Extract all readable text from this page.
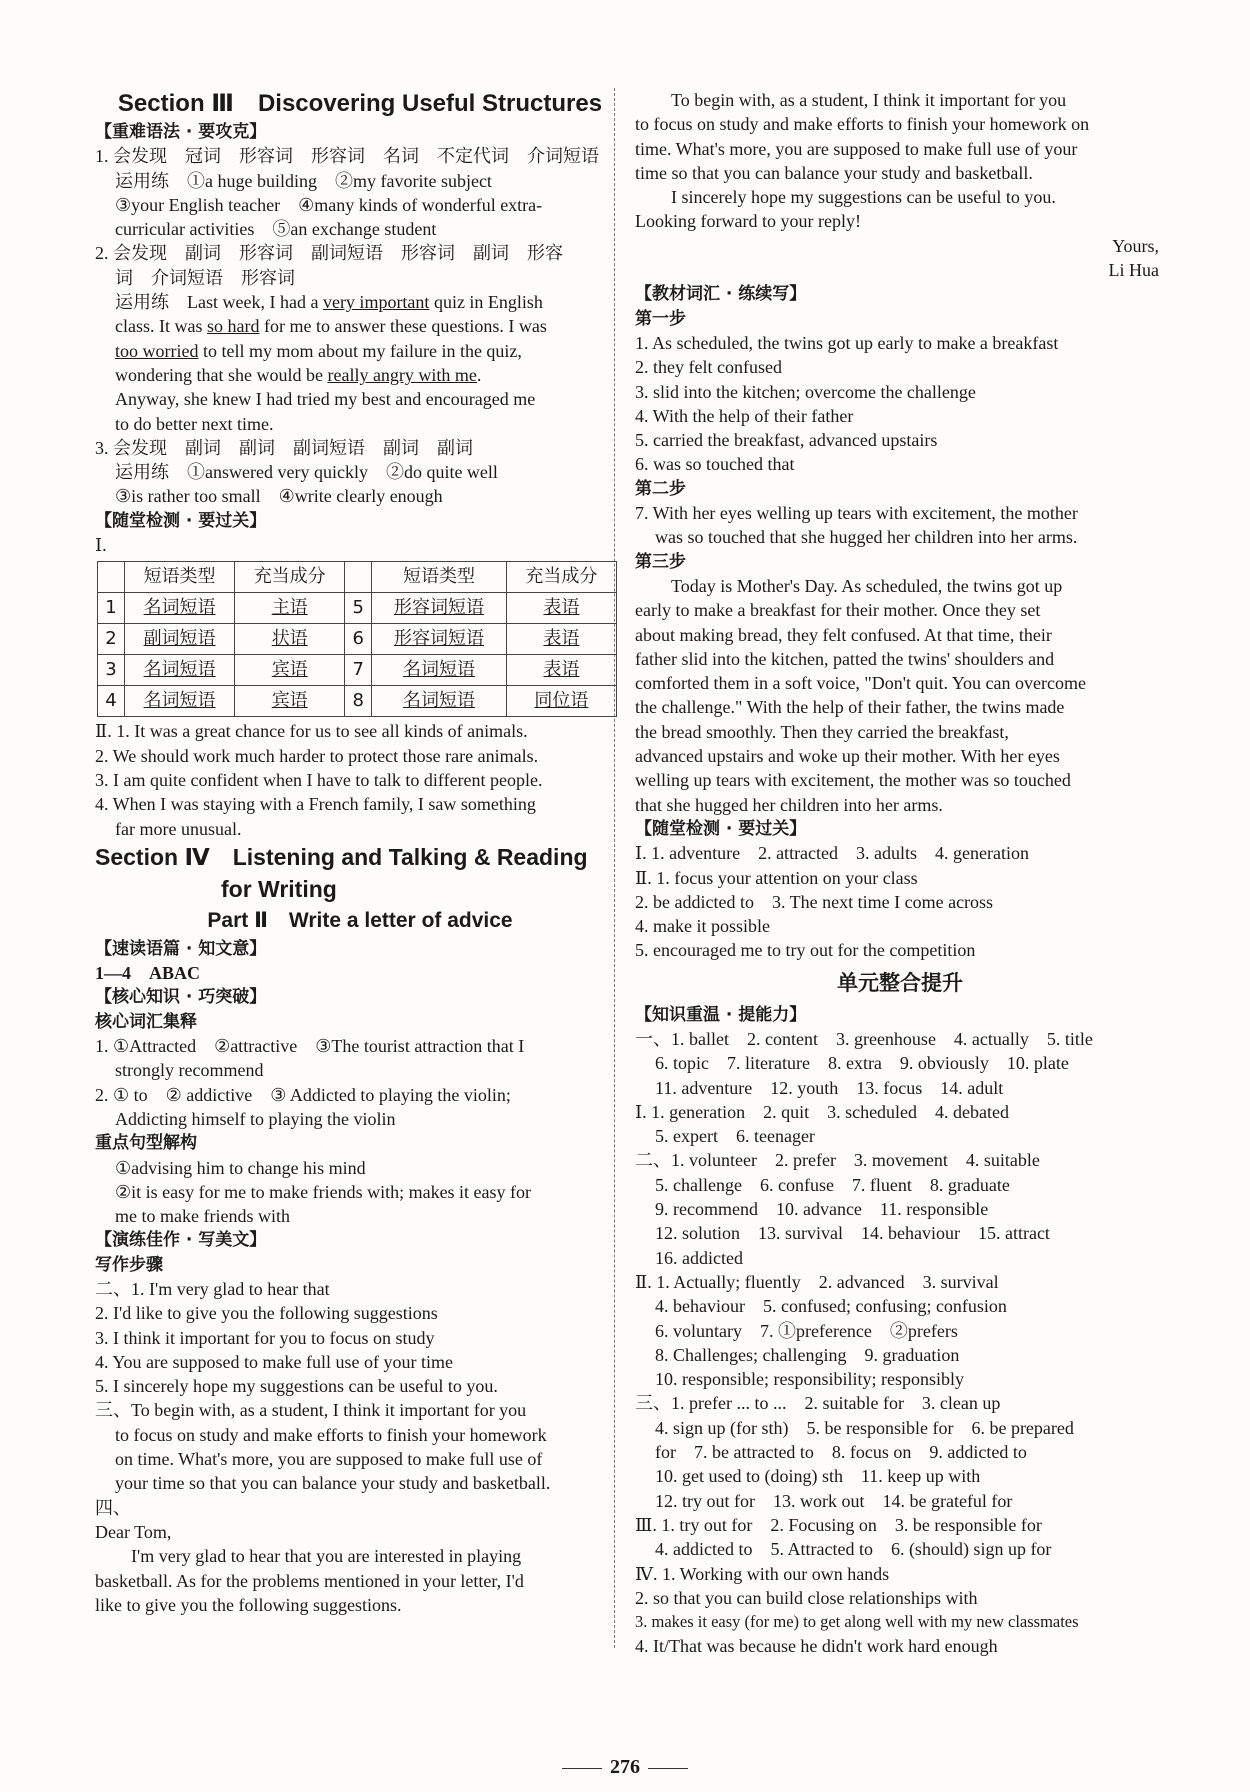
Section Ⅲ　Discovering Useful Structures
【重难语法 · 要攻克】
1. 会发现　冠词　形容词　形容词　名词　不定代词　介词短语
运用练　①a huge building　②my favorite subject
③your English teacher　④many kinds of wonderful extra-
curricular activities　⑤an exchange student
2. 会发现　副词　形容词　副词短语　形容词　副词　形容
词　介词短语　形容词
运用练　Last week, I had a very important quiz in English
class. It was so hard for me to answer these questions. I was
too worried to tell my mom about my failure in the quiz,
wondering that she would be really angry with me.
Anyway, she knew I had tried my best and encouraged me
to do better next time.
3. 会发现　副词　副词　副词短语　副词　副词
运用练　①answered very quickly　②do quite well
③is rather too small　④write clearly enough
【随堂检测 · 要过关】
Ⅰ.
	短语类型	充当成分		短语类型	充当成分
1	名词短语	主语	5	形容词短语	表语
2	副词短语	状语	6	形容词短语	表语
3	名词短语	宾语	7	名词短语	表语
4	名词短语	宾语	8	名词短语	同位语
Ⅱ. 1. It was a great chance for us to see all kinds of animals.
2. We should work much harder to protect those rare animals.
3. I am quite confident when I have to talk to different people.
4. When I was staying with a French family, I saw something
far more unusual.
Section Ⅳ　Listening and Talking & Reading
for Writing
Part Ⅱ　Write a letter of advice
【速读语篇 · 知文意】
1—4　ABAC
【核心知识 · 巧突破】
核心词汇集释
1. ①Attracted　②attractive　③The tourist attraction that I
strongly recommend
2. ① to　② addictive　③ Addicted to playing the violin;
Addicting himself to playing the violin
重点句型解构
①advising him to change his mind
②it is easy for me to make friends with; makes it easy for
me to make friends with
【演练佳作 · 写美文】
写作步骤
二、1. I'm very glad to hear that
2. I'd like to give you the following suggestions
3. I think it important for you to focus on study
4. You are supposed to make full use of your time
5. I sincerely hope my suggestions can be useful to you.
三、To begin with, as a student, I think it important for you
to focus on study and make efforts to finish your homework
on time. What's more, you are supposed to make full use of
your time so that you can balance your study and basketball.
四、
Dear Tom,
I'm very glad to hear that you are interested in playing
basketball. As for the problems mentioned in your letter, I'd
like to give you the following suggestions.
To begin with, as a student, I think it important for you
to focus on study and make efforts to finish your homework on
time. What's more, you are supposed to make full use of your
time so that you can balance your study and basketball.
I sincerely hope my suggestions can be useful to you.
Looking forward to your reply!
Yours,
Li Hua
【教材词汇 · 练续写】
第一步
1. As scheduled, the twins got up early to make a breakfast
2. they felt confused
3. slid into the kitchen; overcome the challenge
4. With the help of their father
5. carried the breakfast, advanced upstairs
6. was so touched that
第二步
7. With her eyes welling up tears with excitement, the mother
was so touched that she hugged her children into her arms.
第三步
Today is Mother's Day. As scheduled, the twins got up
early to make a breakfast for their mother. Once they set
about making bread, they felt confused. At that time, their
father slid into the kitchen, patted the twins' shoulders and
comforted them in a soft voice, "Don't quit. You can overcome
the challenge." With the help of their father, the twins made
the bread smoothly. Then they carried the breakfast,
advanced upstairs and woke up their mother. With her eyes
welling up tears with excitement, the mother was so touched
that she hugged her children into her arms.
【随堂检测 · 要过关】
Ⅰ. 1. adventure　2. attracted　3. adults　4. generation
Ⅱ. 1. focus your attention on your class
2. be addicted to　3. The next time I come across
4. make it possible
5. encouraged me to try out for the competition
单元整合提升
【知识重温 · 提能力】
一、1. ballet　2. content　3. greenhouse　4. actually　5. title
6. topic　7. literature　8. extra　9. obviously　10. plate
11. adventure　12. youth　13. focus　14. adult
Ⅰ. 1. generation　2. quit　3. scheduled　4. debated
5. expert　6. teenager
二、1. volunteer　2. prefer　3. movement　4. suitable
5. challenge　6. confuse　7. fluent　8. graduate
9. recommend　10. advance　11. responsible
12. solution　13. survival　14. behaviour　15. attract
16. addicted
Ⅱ. 1. Actually; fluently　2. advanced　3. survival
4. behaviour　5. confused; confusing; confusion
6. voluntary　7. ①preference　②prefers
8. Challenges; challenging　9. graduation
10. responsible; responsibility; responsibly
三、1. prefer ... to ...　2. suitable for　3. clean up
4. sign up (for sth)　5. be responsible for　6. be prepared
for　7. be attracted to　8. focus on　9. addicted to
10. get used to (doing) sth　11. keep up with
12. try out for　13. work out　14. be grateful for
Ⅲ. 1. try out for　2. Focusing on　3. be responsible for
4. addicted to　5. Attracted to　6. (should) sign up for
Ⅳ. 1. Working with our own hands
2. so that you can build close relationships with
3. makes it easy (for me) to get along well with my new classmates
4. It/That was because he didn't work hard enough
276
